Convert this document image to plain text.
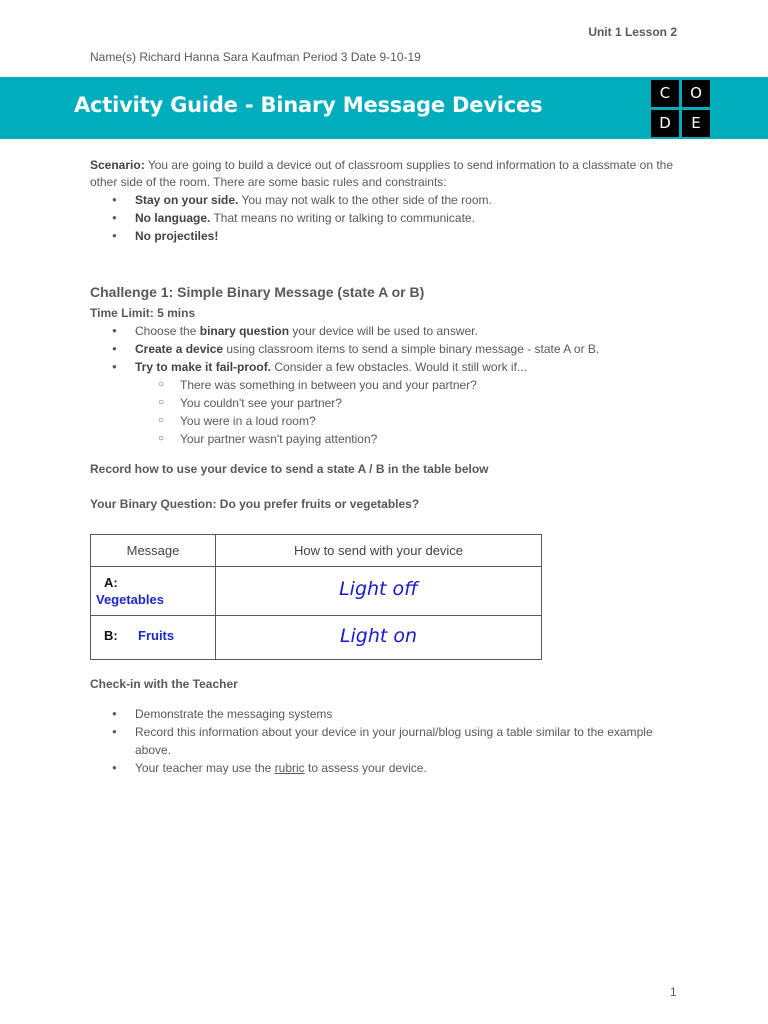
Unit 1 Lesson 2
Name(s) Richard Hanna Sara Kaufman Period 3 Date 9-10-19
Activity Guide - Binary Message Devices	C	O
D	E
Scenario: You are going to build a device out of classroom supplies to send information to a classmate on the other side of the room. There are some basic rules and constraints:
● Stay on your side. You may not walk to the other side of the room.
● No language. That means no writing or talking to communicate.
● No projectiles!
Challenge 1: Simple Binary Message (state A or B)
Time Limit: 5 mins
● Choose the binary question your device will be used to answer.
● Create a device using classroom items to send a simple binary message - state A or B.
● Try to make it fail-proof. Consider a few obstacles. Would it still work if...
○ There was something in between you and your partner?
○ You couldn't see your partner?
○ You were in a loud room?
○ Your partner wasn't paying attention?
Record how to use your device to send a state A / B in the table below
Your Binary Question: Do you prefer fruits or vegetables?
Message	How to send with your device

A:
Vegetables	Light off

B: Fruits	Light on
Check-in with the Teacher
● Demonstrate the messaging systems
● Record this information about your device in your journal/blog using a table similar to the example above.
● Your teacher may use the rubric to assess your device.
1
